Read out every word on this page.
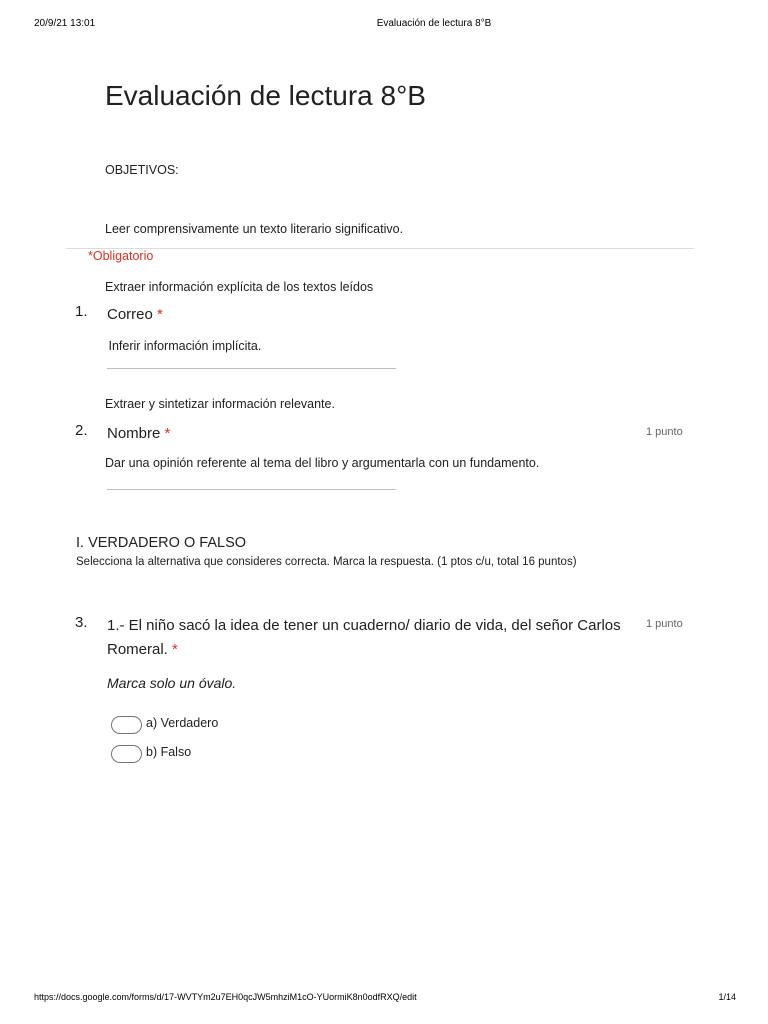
20/9/21 13:01	Evaluación de lectura 8°B
Evaluación de lectura 8°B

OBJETIVOS:

Leer comprensivamente un texto literario significativo.

Extraer información explícita de los textos leídos

Inferir información implícita.

Extraer y sintetizar información relevante.

Dar una opinión referente al tema del libro y argumentarla con un fundamento.

*Obligatorio
1. Correo *
2. Nombre *	1 punto
I. VERDADERO O FALSO
Selecciona la alternativa que consideres correcta. Marca la respuesta. (1 ptos c/u, total 16 puntos)
3. 1.- El niño sacó la idea de tener un cuaderno/ diario de vida, del señor Carlos Romeral. *
1 punto
Marca solo un óvalo.
a) Verdadero
b) Falso
https://docs.google.com/forms/d/17-WVTYm2u7EH0qcJW5mhziM1cO-YUormiK8n0odfRXQ/edit	1/14
